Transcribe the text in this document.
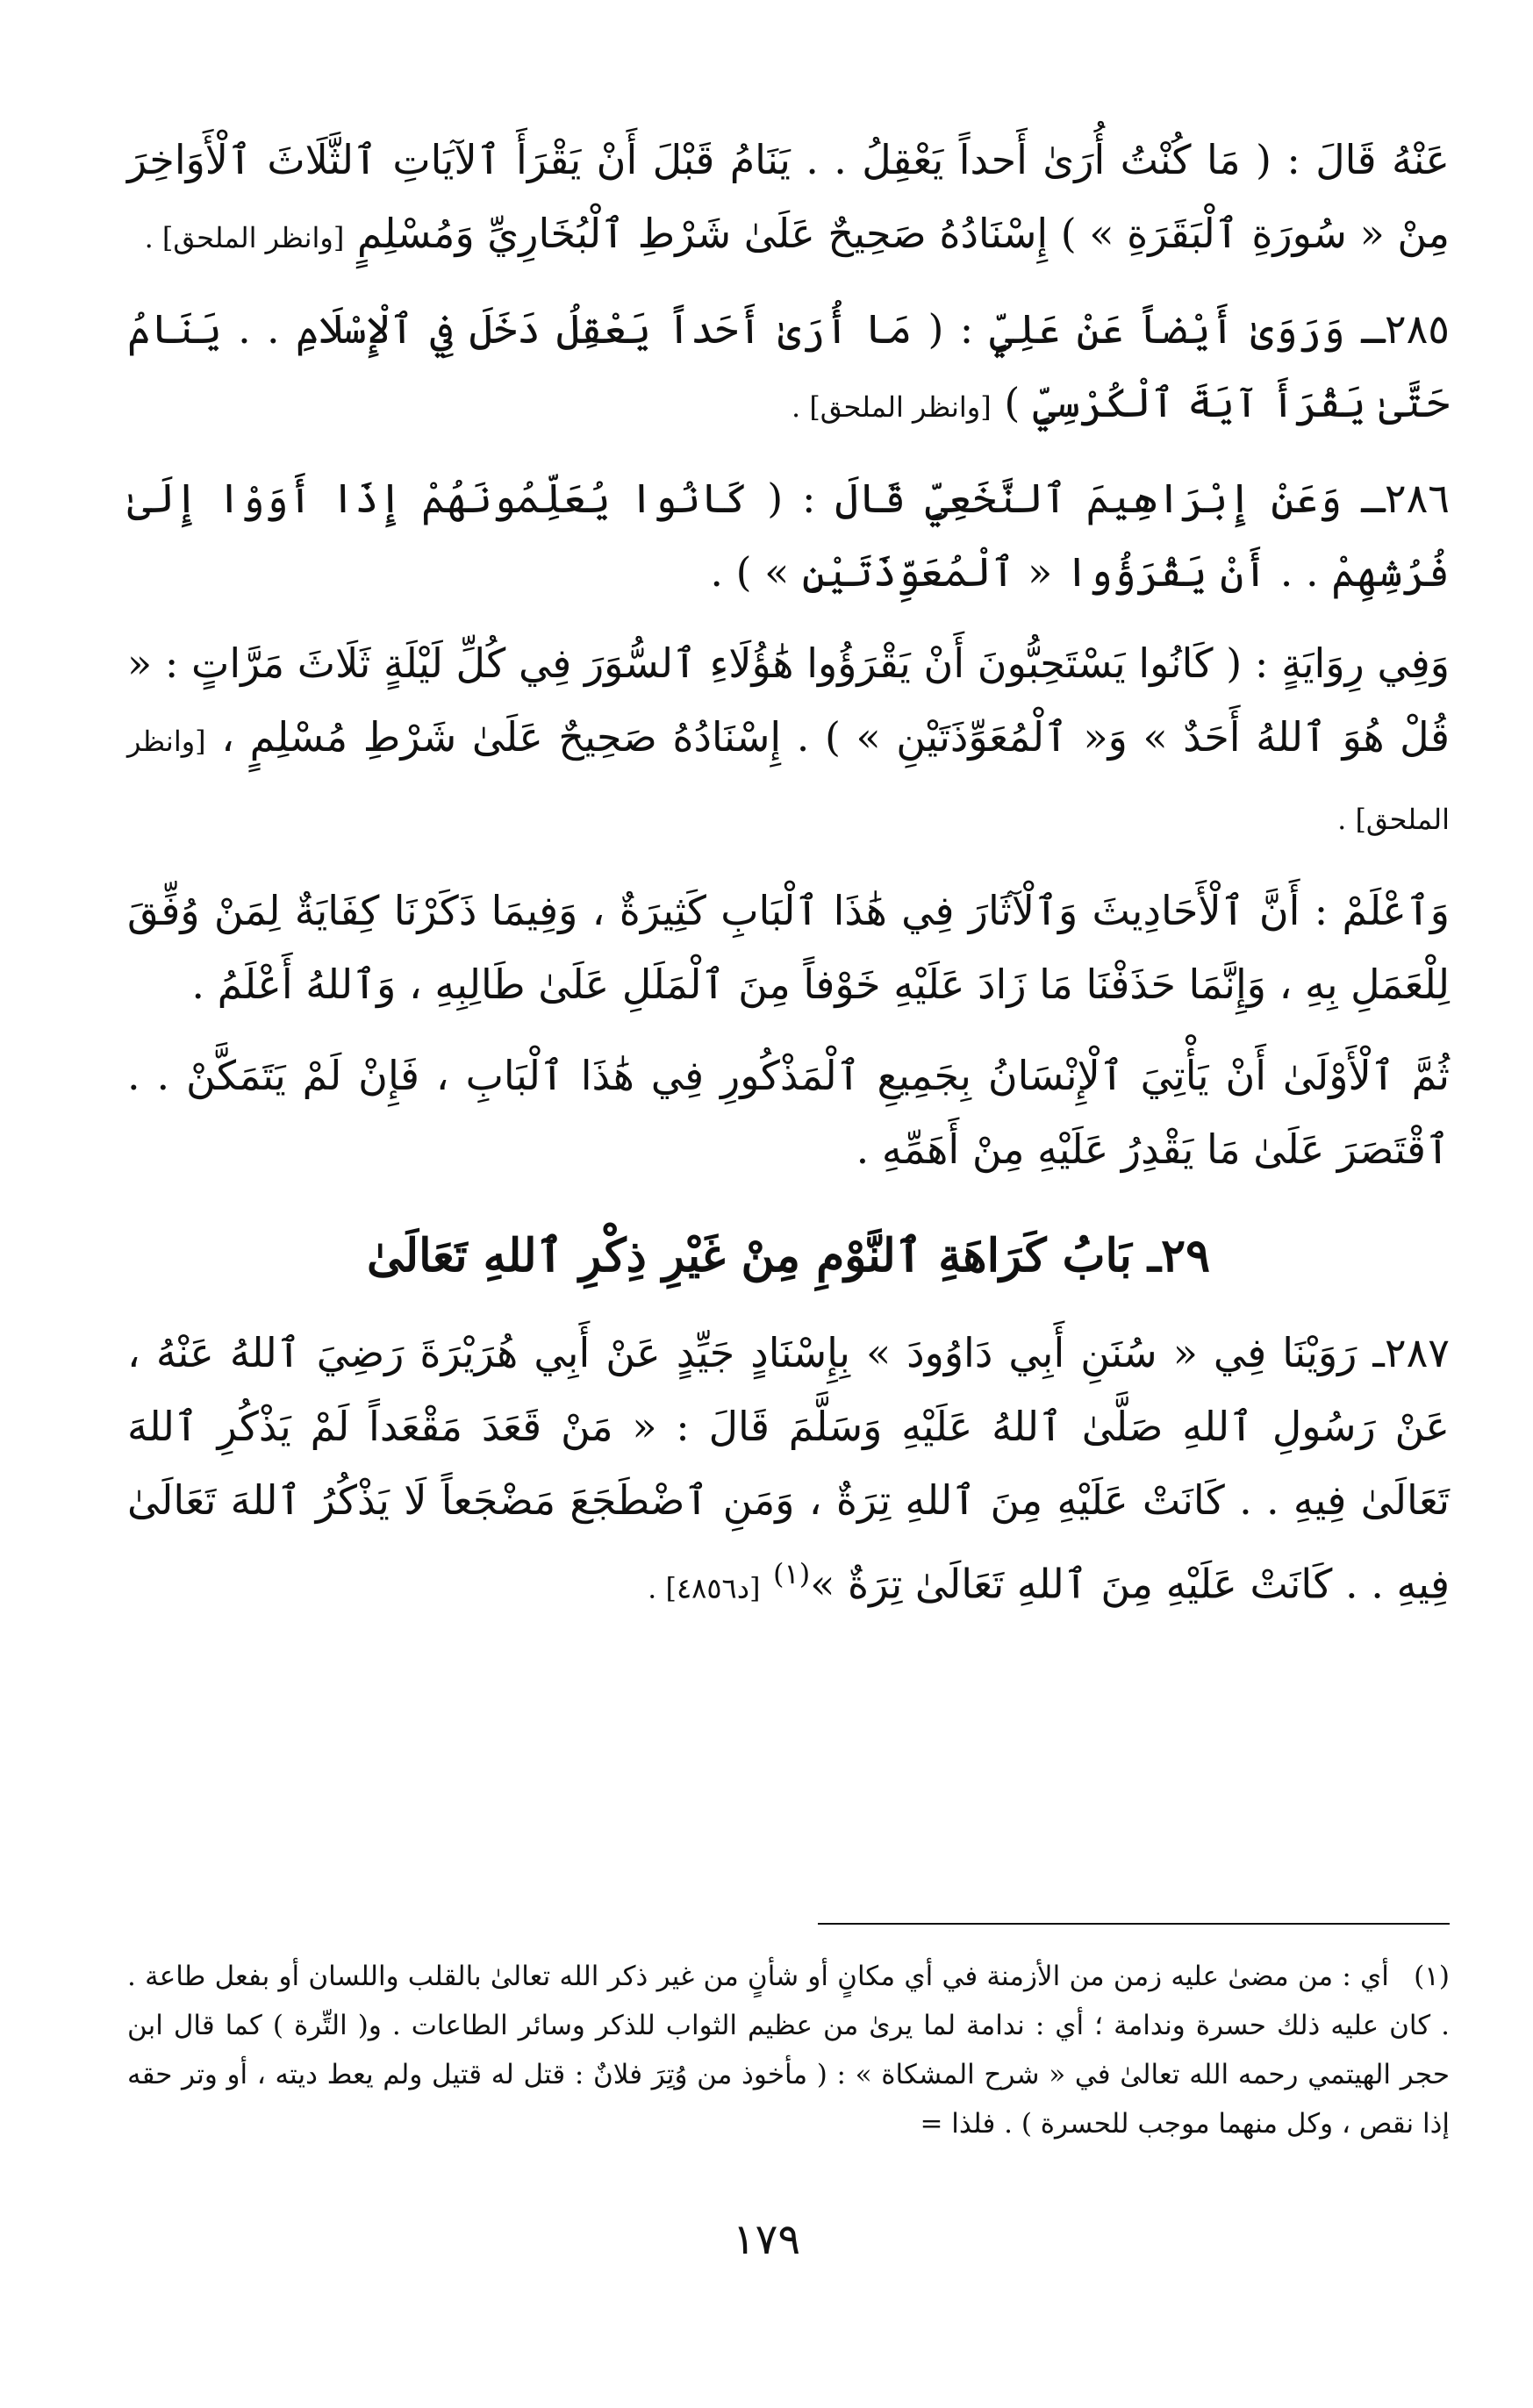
عَنْهُ قَالَ : ( مَا كُنْتُ أُرَىٰ أَحداً يَعْقِلُ . . يَنَامُ قَبْلَ أَنْ يَقْرَأَ ٱلآيَاتِ ٱلثَّلَاثَ ٱلْأَوَاخِرَ مِنْ « سُورَةِ ٱلْبَقَرَةِ » ) إِسْنَادُهُ صَحِيحٌ عَلَىٰ شَرْطِ ٱلْبُخَارِيِّ وَمُسْلِمٍ [وانظر الملحق] .

٢٨٥ـ وَرَوَىٰ أَيْضاً عَنْ عَلِيٍّ : ( مَا أُرَىٰ أَحَداً يَعْقِلُ دَخَلَ فِي ٱلْإِسْلَامِ . . يَنَامُ حَتَّىٰ يَقْرَأَ آيَةَ ٱلْكُرْسِيِّ ) [وانظر الملحق] .

٢٨٦ـ وَعَنْ إِبْرَاهِيمَ ٱلنَّخَعِيِّ قَالَ : ( كَانُوا يُعَلِّمُونَهُمْ إِذَا أَوَوْا إِلَىٰ فُرُشِهِمْ . . أَنْ يَقْرَؤُوا « ٱلْمُعَوِّذَتَيْنِ » ) .

وَفِي رِوَايَةٍ : ( كَانُوا يَسْتَحِبُّونَ أَنْ يَقْرَؤُوا هَٰؤُلَاءِ ٱلسُّوَرَ فِي كُلِّ لَيْلَةٍ ثَلَاثَ مَرَّاتٍ : « قُلْ هُوَ ٱللهُ أَحَدٌ » وَ« ٱلْمُعَوِّذَتَيْنِ » ) . إِسْنَادُهُ صَحِيحٌ عَلَىٰ شَرْطِ مُسْلِمٍ ، [وانظر الملحق] .

وَٱعْلَمْ : أَنَّ ٱلْأَحَادِيثَ وَٱلْآثَارَ فِي هَٰذَا ٱلْبَابِ كَثِيرَةٌ ، وَفِيمَا ذَكَرْنَا كِفَايَةٌ لِمَنْ وُفِّقَ لِلْعَمَلِ بِهِ ، وَإِنَّمَا حَذَفْنَا مَا زَادَ عَلَيْهِ خَوْفاً مِنَ ٱلْمَلَلِ عَلَىٰ طَالِبِهِ ، وَٱللهُ أَعْلَمُ .

ثُمَّ ٱلْأَوْلَىٰ أَنْ يَأْتِيَ ٱلْإِنْسَانُ بِجَمِيعِ ٱلْمَذْكُورِ فِي هَٰذَا ٱلْبَابِ ، فَإِنْ لَمْ يَتَمَكَّنْ . . ٱقْتَصَرَ عَلَىٰ مَا يَقْدِرُ عَلَيْهِ مِنْ أَهَمِّهِ .

٢٩ـ بَابُ كَرَاهَةِ ٱلنَّوْمِ مِنْ غَيْرِ ذِكْرِ ٱللهِ تَعَالَىٰ

٢٨٧ـ رَوَيْنَا فِي « سُنَنِ أَبِي دَاوُودَ » بِإِسْنَادٍ جَيِّدٍ عَنْ أَبِي هُرَيْرَةَ رَضِيَ ٱللهُ عَنْهُ ، عَنْ رَسُولِ ٱللهِ صَلَّىٰ ٱللهُ عَلَيْهِ وَسَلَّمَ قَالَ : « مَنْ قَعَدَ مَقْعَداً لَمْ يَذْكُرِ ٱللهَ تَعَالَىٰ فِيهِ . . كَانَتْ عَلَيْهِ مِنَ ٱللهِ تِرَةٌ ، وَمَنِ ٱضْطَجَعَ مَضْجَعاً لَا يَذْكُرُ ٱللهَ تَعَالَىٰ فِيهِ . . كَانَتْ عَلَيْهِ مِنَ ٱللهِ تَعَالَىٰ تِرَةٌ »$^{(١)}$ [د٤٨٥٦] .

(١) أي : من مضىٰ عليه زمن من الأزمنة في أي مكانٍ أو شأنٍ من غير ذكر الله تعالىٰ بالقلب واللسان أو بفعل طاعة . . كان عليه ذلك حسرة وندامة ؛ أي : ندامة لما يرىٰ من عظيم الثواب للذكر وسائر الطاعات . و( التِّرة ) كما قال ابن حجر الهيتمي رحمه الله تعالىٰ في « شرح المشكاة » : ( مأخوذ من وُتِرَ فلانٌ : قتل له قتيل ولم يعط ديته ، أو وتر حقه إذا نقص ، وكل منهما موجب للحسرة ) . فلذا =
١٧٩
